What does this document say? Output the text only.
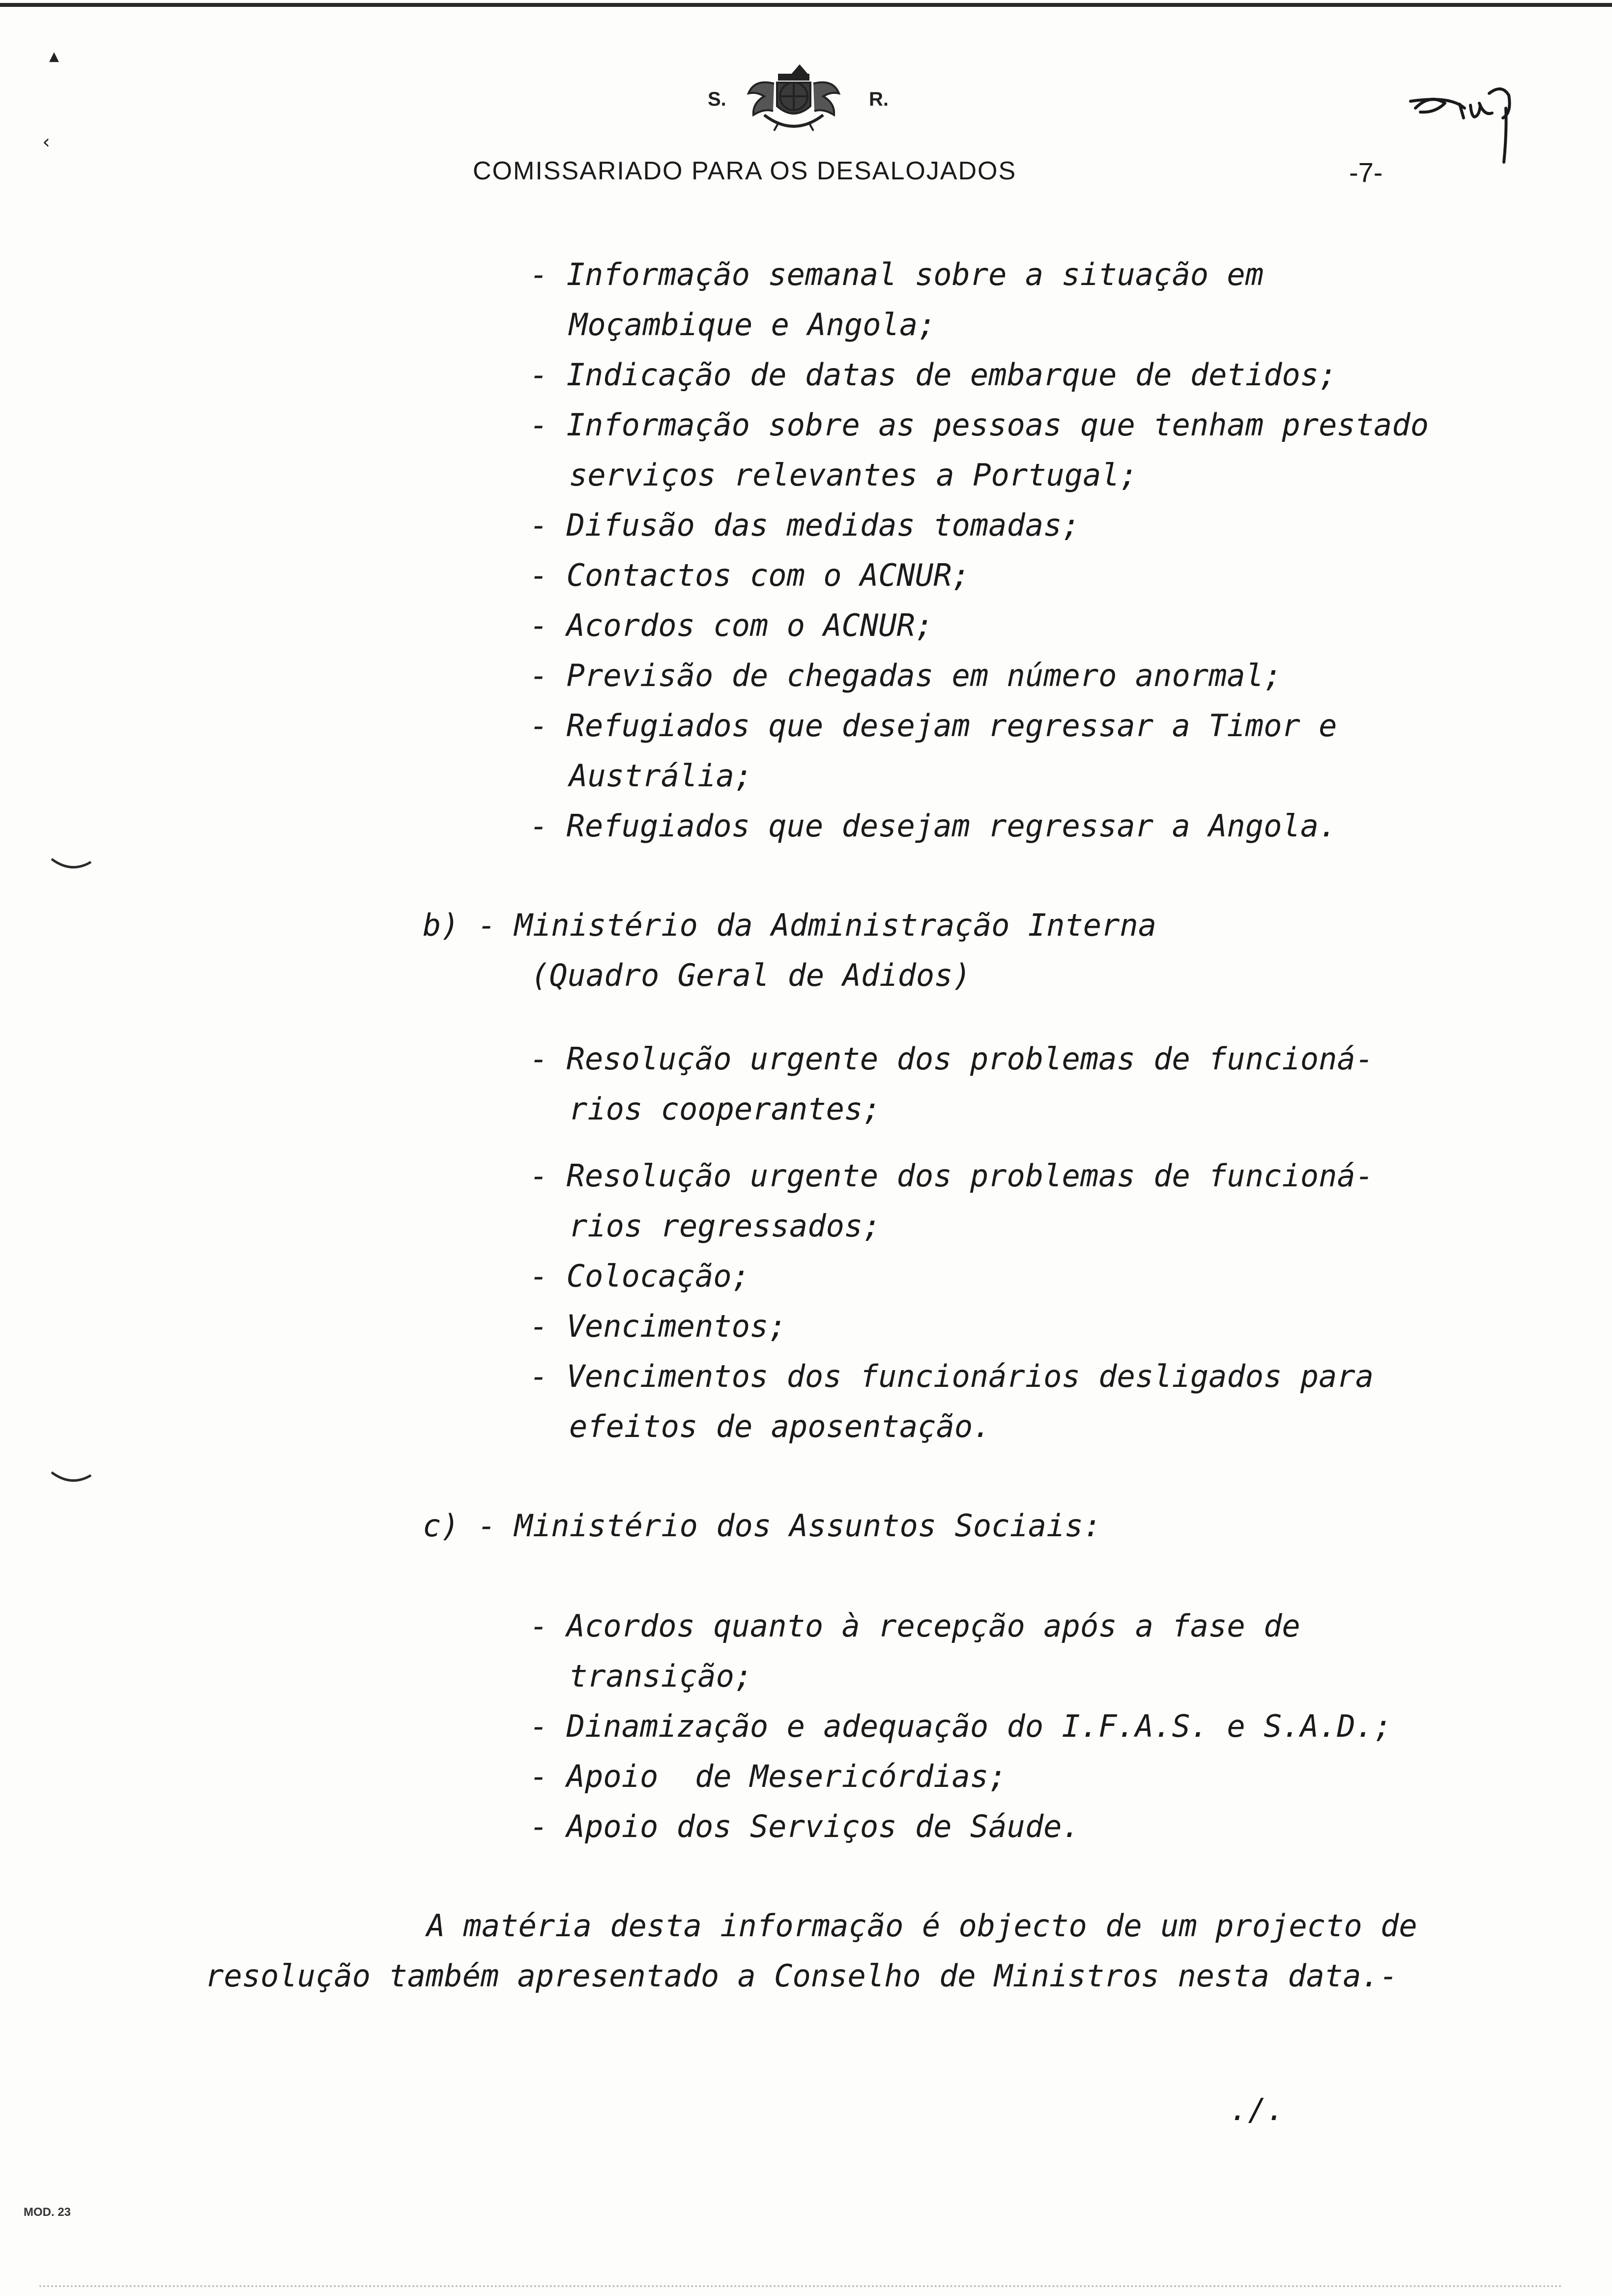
▲
‹
S.	R.
COMISSARIADO PARA OS DESALOJADOS	-7-
- Informação semanal sobre a situação em
Moçambique e Angola;
- Indicação de datas de embarque de detidos;
- Informação sobre as pessoas que tenham prestado
serviços relevantes a Portugal;
- Difusão das medidas tomadas;
- Contactos com o ACNUR;
- Acordos com o ACNUR;
- Previsão de chegadas em número anormal;
- Refugiados que desejam regressar a Timor e
Austrália;
- Refugiados que desejam regressar a Angola.
b) - Ministério da Administração Interna
(Quadro Geral de Adidos)
- Resolução urgente dos problemas de funcioná-
rios cooperantes;
- Resolução urgente dos problemas de funcioná-
rios regressados;
- Colocação;
- Vencimentos;
- Vencimentos dos funcionários desligados para
efeitos de aposentação.
c) - Ministério dos Assuntos Sociais:
- Acordos quanto à recepção após a fase de
transição;
- Dinamização e adequação do I.F.A.S. e S.A.D.;
- Apoio  de Mesericórdias;
- Apoio dos Serviços de Sáude.
A matéria desta informação é objecto de um projecto de
resolução também apresentado a Conselho de Ministros nesta data.-
./.
MOD. 23
